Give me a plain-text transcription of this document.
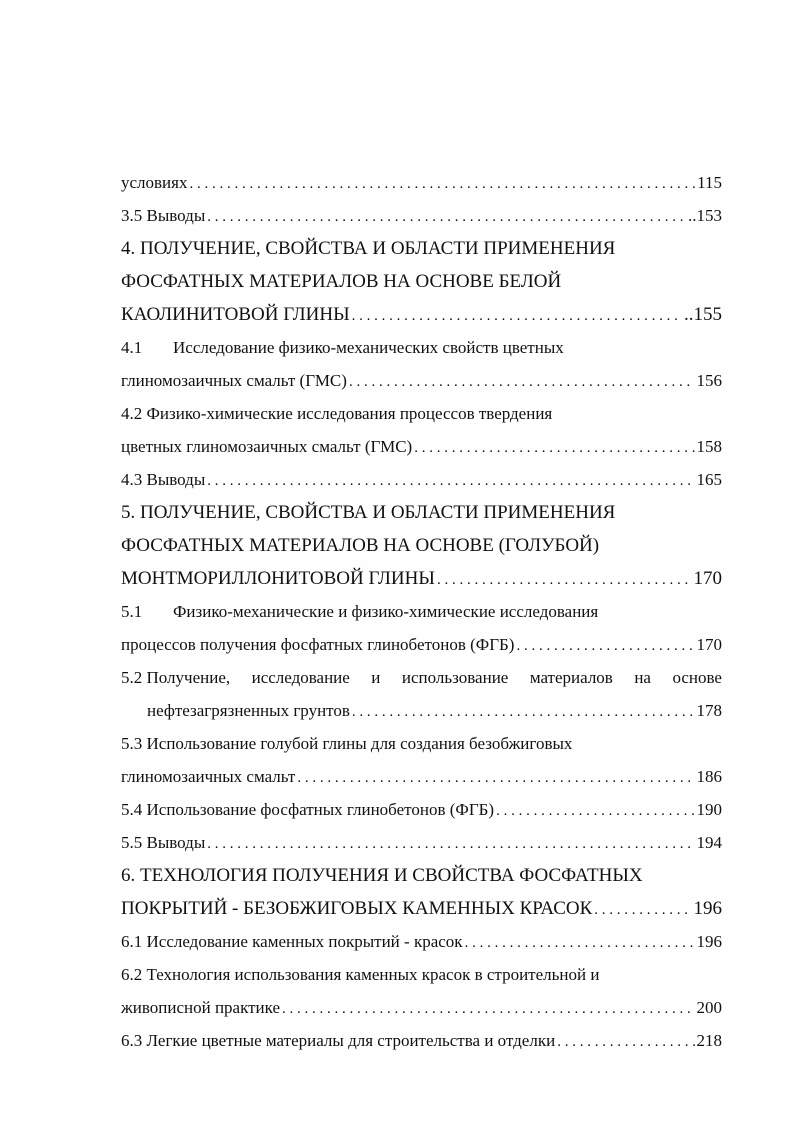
условиях . . .	115
3.5 Выводы . . .	..153
4. ПОЛУЧЕНИЕ, СВОЙСТВА И ОБЛАСТИ ПРИМЕНЕНИЯ
ФОСФАТНЫХ МАТЕРИАЛОВ НА ОСНОВЕ БЕЛОЙ
КАОЛИНИТОВОЙ ГЛИНЫ . . .	..155
4.1	Исследование физико-механических свойств цветных
глиномозаичных смальт (ГМС) . . .	156
4.2 Физико-химические исследования процессов твердения
цветных глиномозаичных смальт (ГМС) . . .	158
4.3 Выводы . . .	165
5. ПОЛУЧЕНИЕ, СВОЙСТВА И ОБЛАСТИ ПРИМЕНЕНИЯ
ФОСФАТНЫХ МАТЕРИАЛОВ НА ОСНОВЕ (ГОЛУБОЙ)
МОНТМОРИЛЛОНИТОВОЙ ГЛИНЫ . . .	170
5.1	Физико-механические и физико-химические исследования
процессов получения фосфатных глинобетонов (ФГБ) . . .	170
5.2 Получение, исследование и использование материалов на основе
нефтезагрязненных грунтов . . .	178
5.3 Использование голубой глины для создания безобжиговых
глиномозаичных смальт . . .	186
5.4 Использование фосфатных глинобетонов (ФГБ) . . .	190
5.5 Выводы . . .	194
6. ТЕХНОЛОГИЯ ПОЛУЧЕНИЯ И СВОЙСТВА ФОСФАТНЫХ
ПОКРЫТИЙ - БЕЗОБЖИГОВЫХ КАМЕННЫХ КРАСОК . . .	196
6.1 Исследование каменных покрытий - красок . . .	196
6.2 Технология использования каменных красок в строительной и
живописной практике . . .	200
6.3 Легкие цветные материалы для строительства и отделки . . .	218
